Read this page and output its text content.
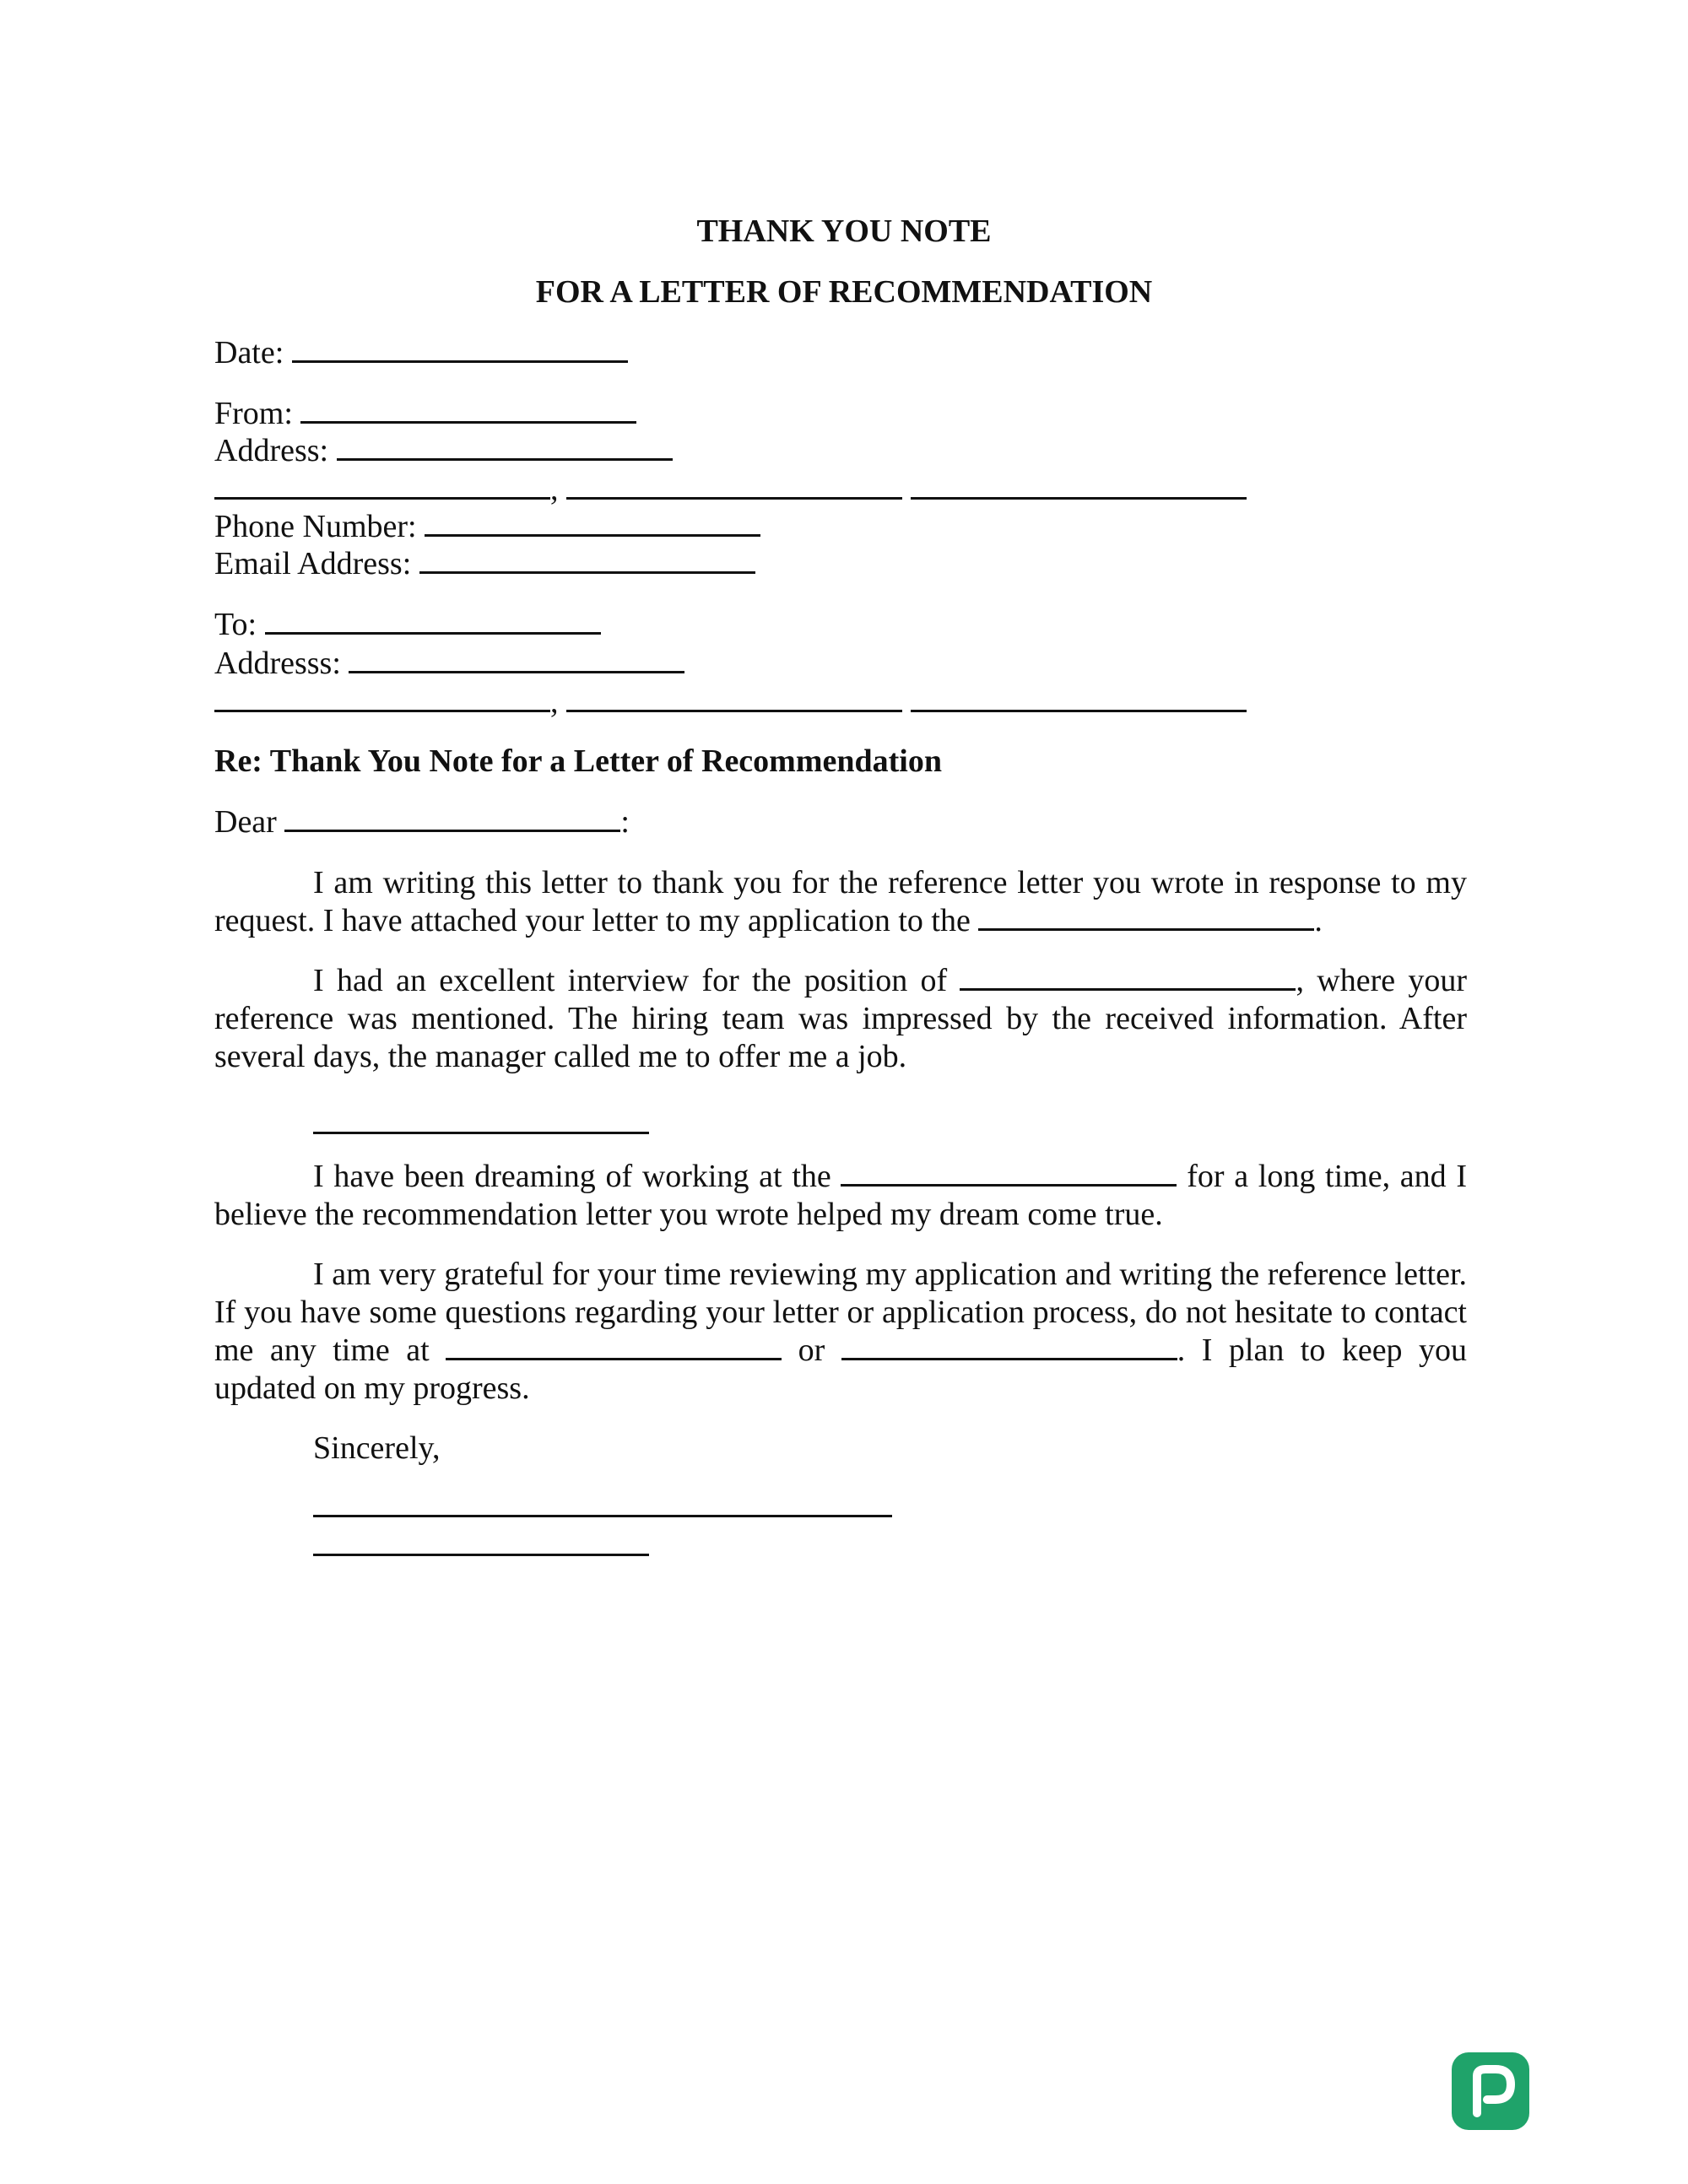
THANK YOU NOTE
FOR A LETTER OF RECOMMENDATION
Date:
From:
Address:
,
Phone Number:
Email Address:
To:
Addresss:
,
Re: Thank You Note for a Letter of Recommendation
Dear	:
I am writing this letter to thank you for the reference letter you wrote in response to my request. I have attached your letter to my application to the	.
I had an excellent interview for the position of	, where your reference was mentioned. The hiring team was impressed by the received information. After several days, the manager called me to offer me a job.
I have been dreaming of working at the	for a long time, and I believe the recommendation letter you wrote helped my dream come true.
I am very grateful for your time reviewing my application and writing the reference letter. If you have some questions regarding your letter or application process, do not hesitate to contact me any time at	or	. I plan to keep you updated on my progress.
Sincerely,
